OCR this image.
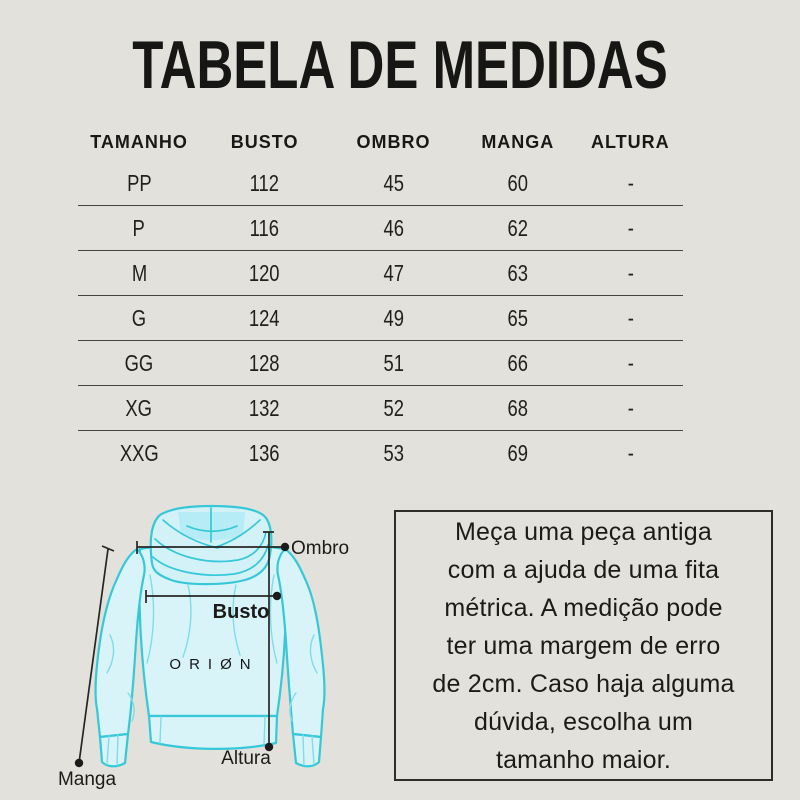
TABELA DE MEDIDAS
TAMANHO	BUSTO	OMBRO	MANGA	ALTURA
PP	112	45	60	-
P	116	46	62	-
M	120	47	63	-
G	124	49	65	-
GG	128	51	66	-
XG	132	52	68	-
XXG	136	53	69	-
ORIØN
Ombro
Busto
Altura
Manga
Meça uma peça antiga
com a ajuda de uma fita
métrica. A medição pode
ter uma margem de erro
de 2cm. Caso haja alguma
dúvida, escolha um
tamanho maior.
